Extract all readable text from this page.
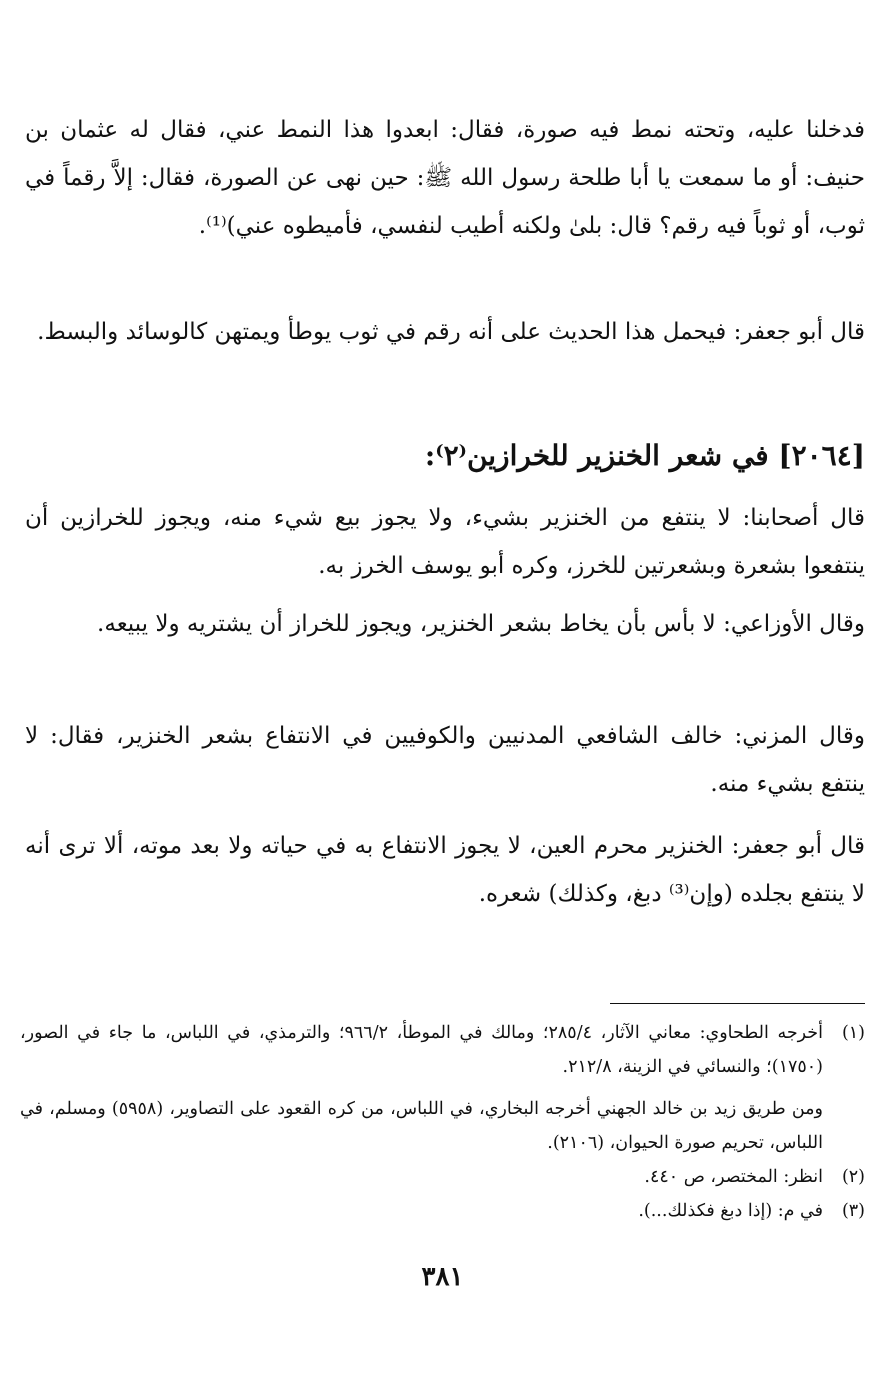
فدخلنا عليه، وتحته نمط فيه صورة، فقال: ابعدوا هذا النمط عني، فقال له عثمان بن حنيف: أو ما سمعت يا أبا طلحة رسول الله ﷺ: حين نهى عن الصورة، فقال: إلاَّ رقماً في ثوب، أو ثوباً فيه رقم؟ قال: بلىٰ ولكنه أطيب لنفسي، فأميطوه عني)⁽¹⁾.

قال أبو جعفر: فيحمل هذا الحديث على أنه رقم في ثوب يوطأ ويمتهن كالوسائد والبسط.

[٢٠٦٤] في شعر الخنزير للخرازين⁽٢⁾:

قال أصحابنا: لا ينتفع من الخنزير بشيء، ولا يجوز بيع شيء منه، ويجوز للخرازين أن ينتفعوا بشعرة وبشعرتين للخرز، وكره أبو يوسف الخرز به.

وقال الأوزاعي: لا بأس بأن يخاط بشعر الخنزير، ويجوز للخراز أن يشتريه ولا يبيعه.

وقال المزني: خالف الشافعي المدنيين والكوفيين في الانتفاع بشعر الخنزير، فقال: لا ينتفع بشيء منه.

قال أبو جعفر: الخنزير محرم العين، لا يجوز الانتفاع به في حياته ولا بعد موته، ألا ترى أنه لا ينتفع بجلده (وإن⁽³⁾ دبغ، وكذلك) شعره.

(١)
أخرجه الطحاوي: معاني الآثار، ٢٨٥/٤؛ ومالك في الموطأ، ٩٦٦/٢؛ والترمذي، في اللباس، ما جاء في الصور، (١٧٥٠)؛ والنسائي في الزينة، ٢١٢/٨.

ومن طريق زيد بن خالد الجهني أخرجه البخاري، في اللباس، من كره القعود على التصاوير، (٥٩٥٨) ومسلم، في اللباس، تحريم صورة الحيوان، (٢١٠٦).

(٢)
انظر: المختصر، ص ٤٤٠.
(٣)
في م: (إذا دبغ فكذلك...).
٣٨١
